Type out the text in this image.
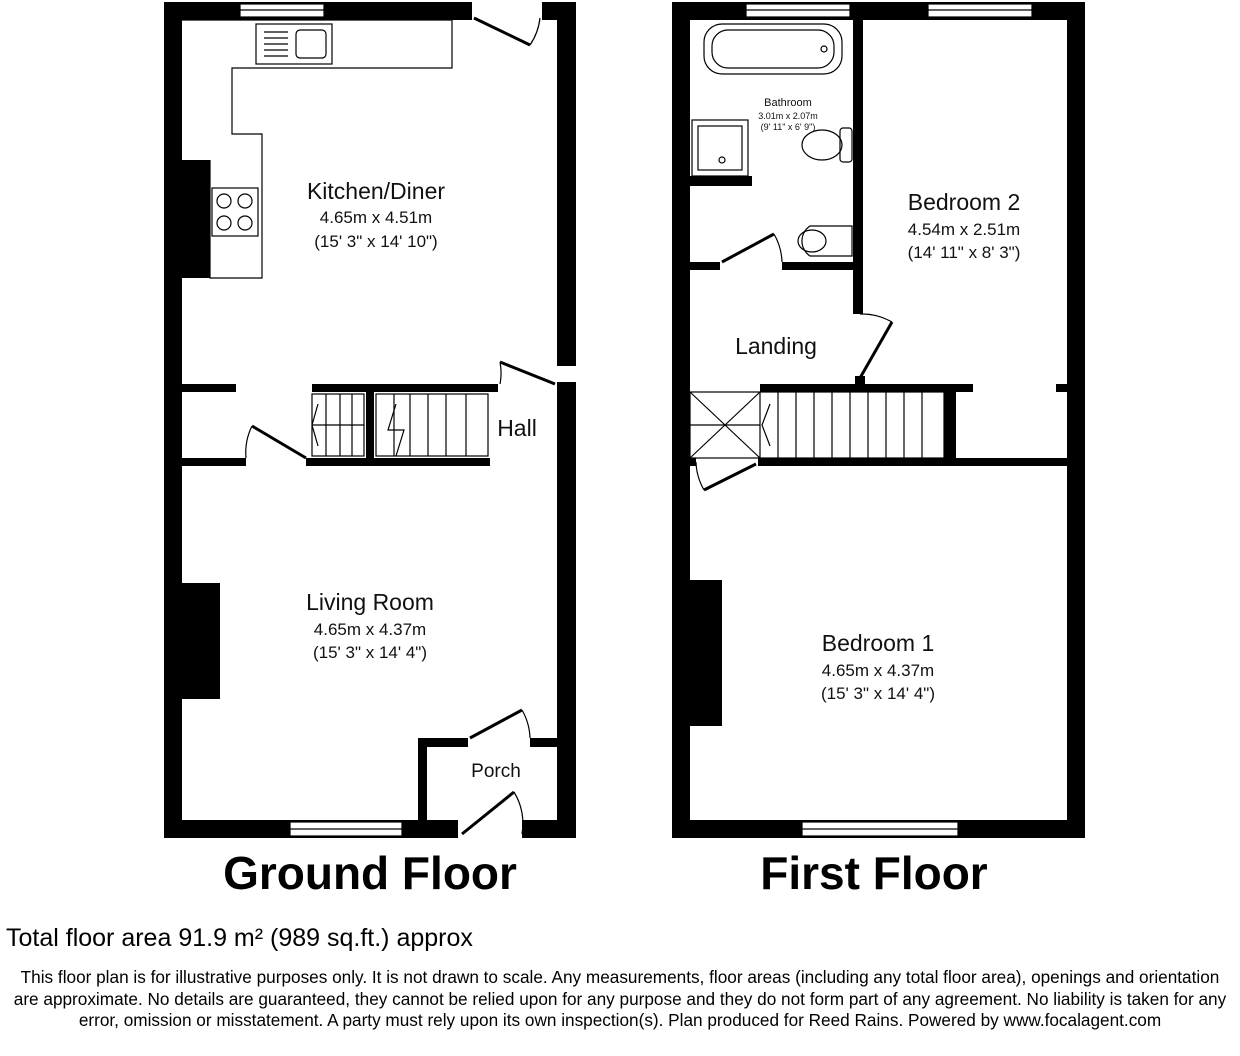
Kitchen/Diner
4.65m x 4.51m
(15' 3" x 14' 10")
Hall
Living Room
4.65m x 4.37m
(15' 3" x 14' 4")
Porch
Ground Floor
Bathroom
3.01m x 2.07m
(9' 11" x 6' 9")
Bedroom 2
4.54m x 2.51m
(14' 11" x 8' 3")
Landing
Bedroom 1
4.65m x 4.37m
(15' 3" x 14' 4")
First Floor
Total floor area 91.9 m² (989 sq.ft.) approx
This floor plan is for illustrative purposes only. It is not drawn to scale. Any measurements, floor areas (including any total floor area), openings and orientation are approximate. No details are guaranteed, they cannot be relied upon for any purpose and they do not form part of any agreement. No liability is taken for any error, omission or misstatement. A party must rely upon its own inspection(s). Plan produced for Reed Rains. Powered by www.focalagent.com
